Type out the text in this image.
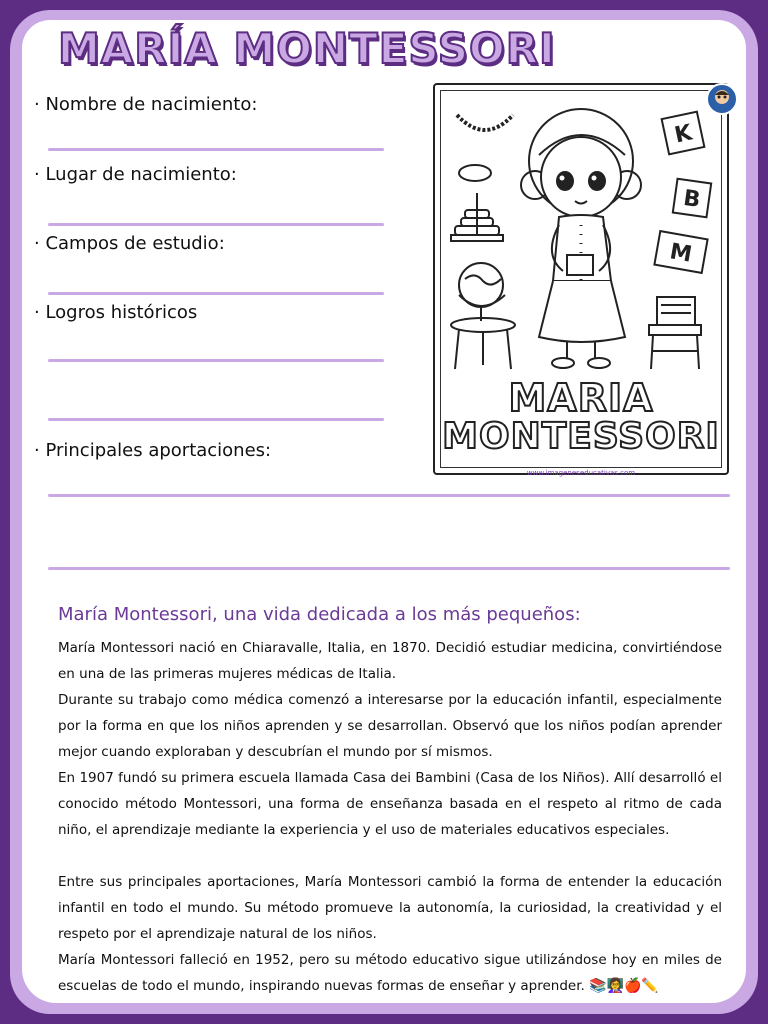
MARÍA MONTESSORI

· Nombre de nacimiento:

· Lugar de nacimiento:

· Campos de estudio:

· Logros históricos

· Principales aportaciones:

K
B
M

MARIA

MONTESSORI

www.imageneseducativas.com

María Montessori, una vida dedicada a los más pequeños:

María Montessori nació en Chiaravalle, Italia, en 1870. Decidió estudiar medicina, convirtiéndose en una de las primeras mujeres médicas de Italia.

Durante su trabajo como médica comenzó a interesarse por la educación infantil, especialmente por la forma en que los niños aprenden y se desarrollan. Observó que los niños podían aprender mejor cuando exploraban y descubrían el mundo por sí mismos.

En 1907 fundó su primera escuela llamada Casa dei Bambini (Casa de los Niños). Allí desarrolló el conocido método Montessori, una forma de enseñanza basada en el respeto al ritmo de cada niño, el aprendizaje mediante la experiencia y el uso de materiales educativos especiales.

Entre sus principales aportaciones, María Montessori cambió la forma de entender la educación infantil en todo el mundo. Su método promueve la autonomía, la curiosidad, la creatividad y el respeto por el aprendizaje natural de los niños.

María Montessori falleció en 1952, pero su método educativo sigue utilizándose hoy en miles de escuelas de todo el mundo, inspirando nuevas formas de enseñar y aprender. 📚👩‍🏫🍎✏️
